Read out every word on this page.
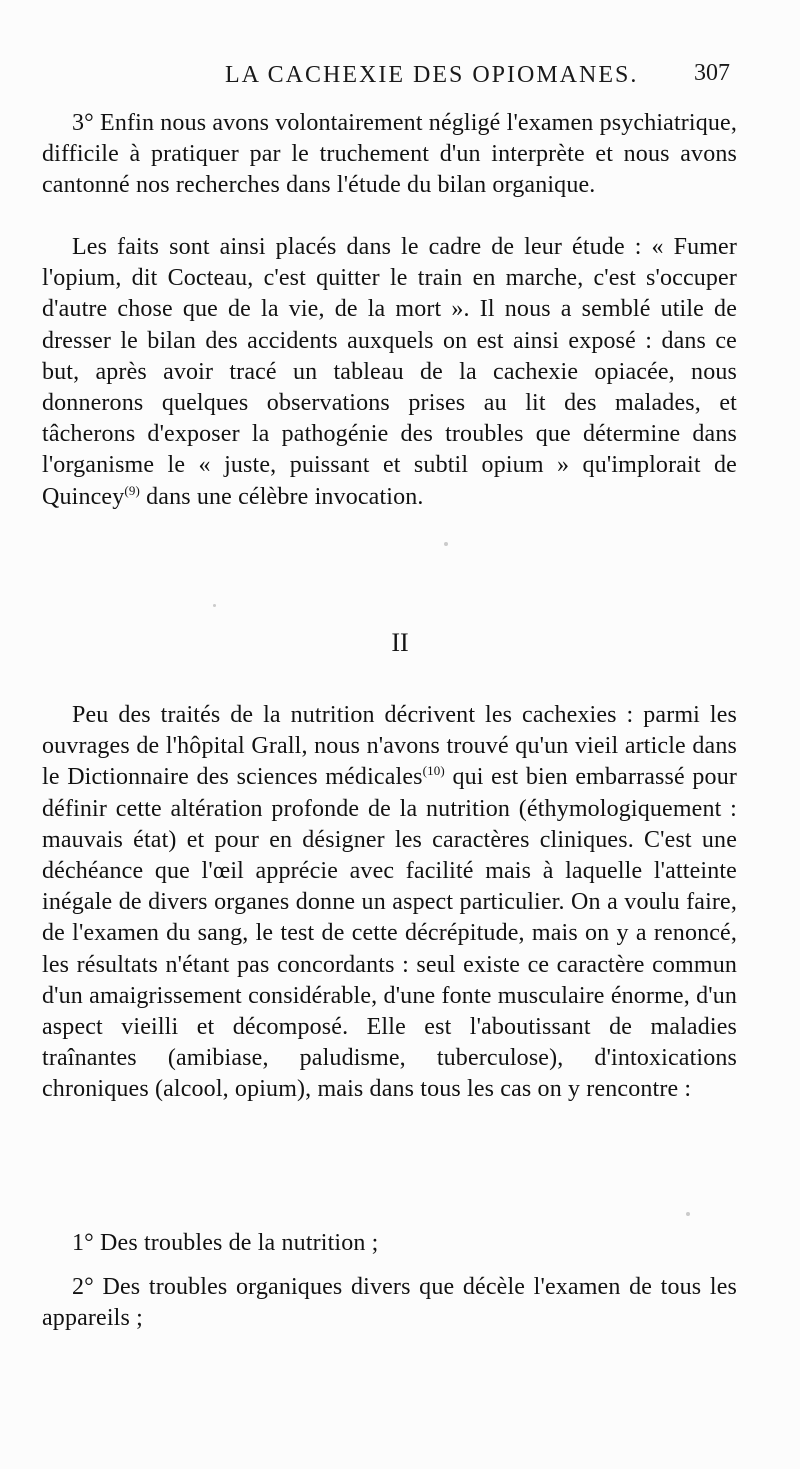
LA CACHEXIE DES OPIOMANES. 307

3° Enfin nous avons volontairement négligé l'examen psychiatrique, difficile à pratiquer par le truchement d'un interprète et nous avons cantonné nos recherches dans l'étude du bilan organique.

Les faits sont ainsi placés dans le cadre de leur étude : « Fumer l'opium, dit Cocteau, c'est quitter le train en marche, c'est s'occuper d'autre chose que de la vie, de la mort ». Il nous a semblé utile de dresser le bilan des accidents auxquels on est ainsi exposé : dans ce but, après avoir tracé un tableau de la cachexie opiacée, nous donnerons quelques observations prises au lit des malades, et tâcherons d'exposer la pathogénie des troubles que détermine dans l'organisme le « juste, puissant et subtil opium » qu'implorait de Quincey$^{(9)}$ dans une célèbre invocation.

II

Peu des traités de la nutrition décrivent les cachexies : parmi les ouvrages de l'hôpital Grall, nous n'avons trouvé qu'un vieil article dans le Dictionnaire des sciences médicales$^{(10)}$ qui est bien embarrassé pour définir cette altération profonde de la nutrition (éthymologiquement : mauvais état) et pour en désigner les caractères cliniques. C'est une déchéance que l'œil apprécie avec facilité mais à laquelle l'atteinte inégale de divers organes donne un aspect particulier. On a voulu faire, de l'examen du sang, le test de cette décrépitude, mais on y a renoncé, les résultats n'étant pas concordants : seul existe ce caractère commun d'un amaigrissement considérable, d'une fonte musculaire énorme, d'un aspect vieilli et décomposé. Elle est l'aboutissant de maladies traînantes (amibiase, paludisme, tuberculose), d'intoxications chroniques (alcool, opium), mais dans tous les cas on y rencontre :

1° Des troubles de la nutrition ;

2° Des troubles organiques divers que décèle l'examen de tous les appareils ;
